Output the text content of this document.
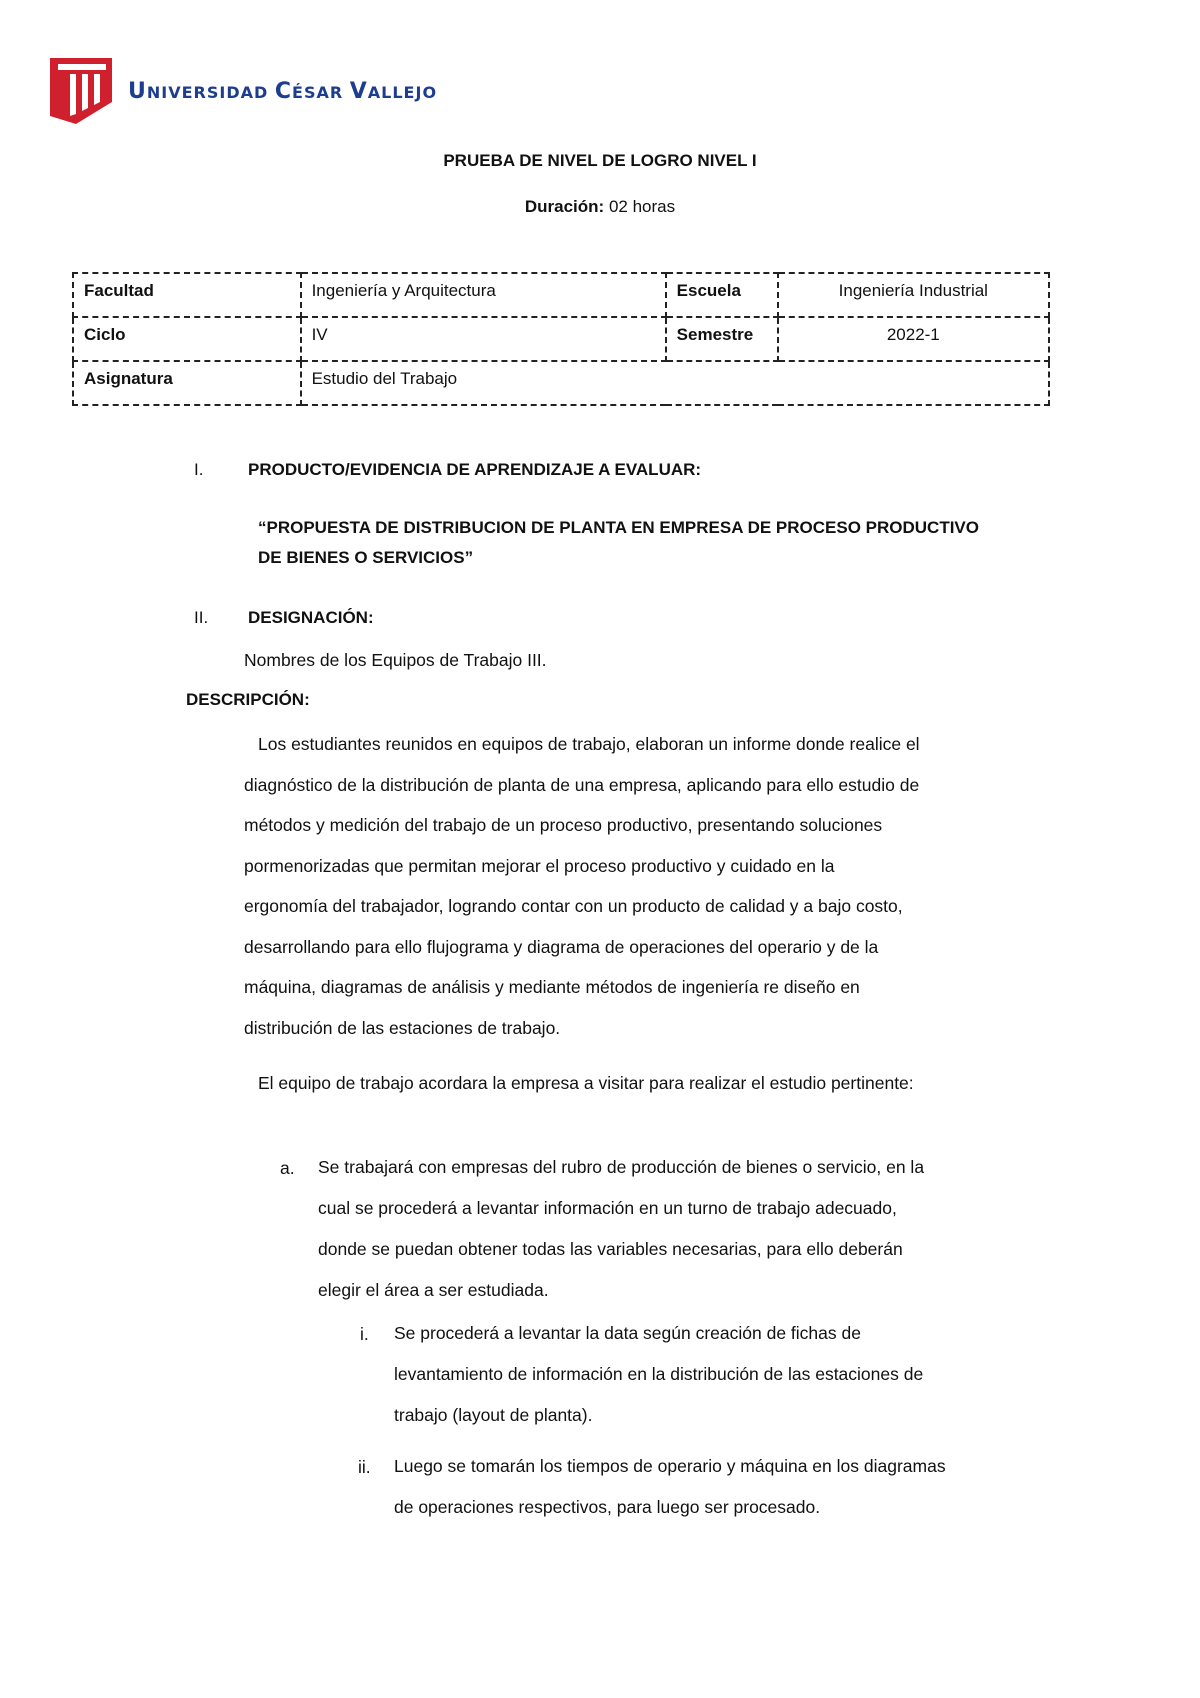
UNIVERSIDAD CÉSAR VALLEJO
PRUEBA DE NIVEL DE LOGRO NIVEL I
Duración: 02 horas
Facultad	Ingeniería y Arquitectura	Escuela	Ingeniería Industrial
Ciclo	IV	Semestre	2022-1
Asignatura	Estudio del Trabajo		
I.	PRODUCTO/EVIDENCIA DE APRENDIZAJE A EVALUAR:
“PROPUESTA DE DISTRIBUCION DE PLANTA EN EMPRESA DE PROCESO PRODUCTIVO
DE BIENES O SERVICIOS”
II. DESIGNACIÓN:
Nombres de los Equipos de Trabajo III.
DESCRIPCIÓN:
Los estudiantes reunidos en equipos de trabajo, elaboran un informe donde realice el
diagnóstico de la distribución de planta de una empresa, aplicando para ello estudio de
métodos y medición del trabajo de un proceso productivo, presentando soluciones
pormenorizadas que permitan mejorar el proceso productivo y cuidado en la
ergonomía del trabajador, logrando contar con un producto de calidad y a bajo costo,
desarrollando para ello flujograma y diagrama de operaciones del operario y de la
máquina, diagramas de análisis y mediante métodos de ingeniería re diseño en
distribución de las estaciones de trabajo.
El equipo de trabajo acordara la empresa a visitar para realizar el estudio pertinente:
a. Se trabajará con empresas del rubro de producción de bienes o servicio, en la
cual se procederá a levantar información en un turno de trabajo adecuado,
donde se puedan obtener todas las variables necesarias, para ello deberán
elegir el área a ser estudiada.
i. Se procederá a levantar la data según creación de fichas de
levantamiento de información en la distribución de las estaciones de
trabajo (layout de planta).
ii. Luego se tomarán los tiempos de operario y máquina en los diagramas
de operaciones respectivos, para luego ser procesado.
